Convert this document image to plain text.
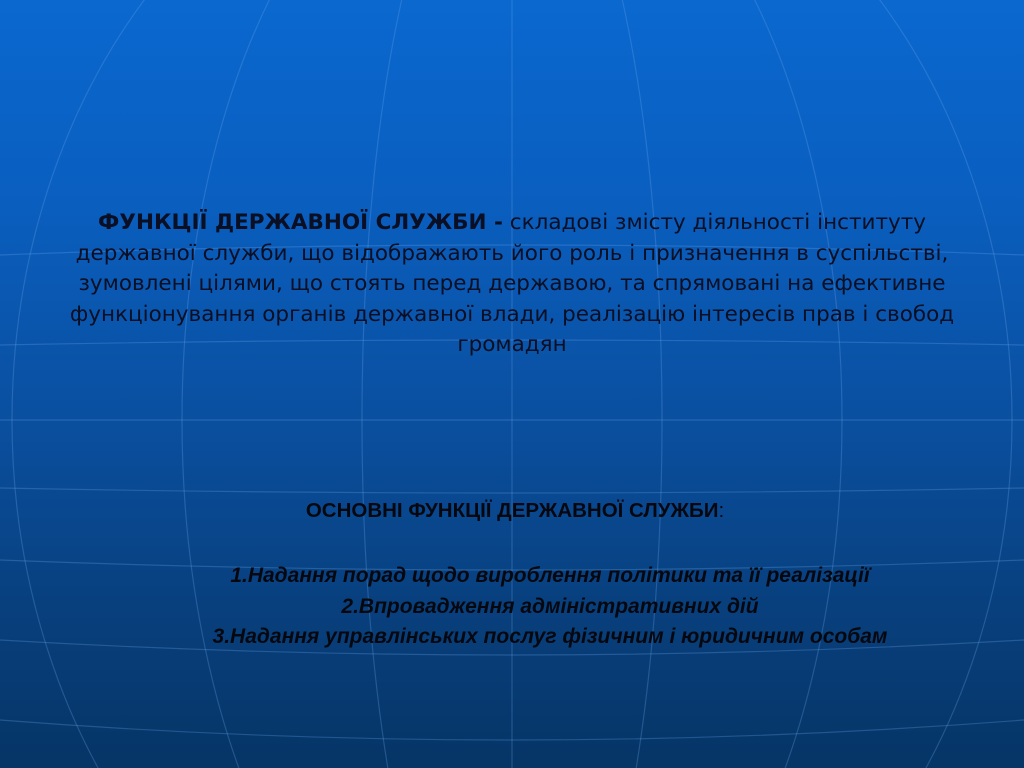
ФУНКЦІЇ ДЕРЖАВНОЇ СЛУЖБИ - складові змісту діяльності інституту державної служби, що відображають його роль і призначення в суспільстві, зумовлені цілями, що стоять перед державою, та спрямовані на ефективне функціонування органів державної влади, реалізацію інтересів прав і свобод громадян

ОСНОВНІ ФУНКЦІЇ ДЕРЖАВНОЇ СЛУЖБИ:
1.Надання порад щодо вироблення політики та її реалізації
2.Впровадження адміністративних дій
3.Надання управлінських послуг фізичним і юридичним особам
